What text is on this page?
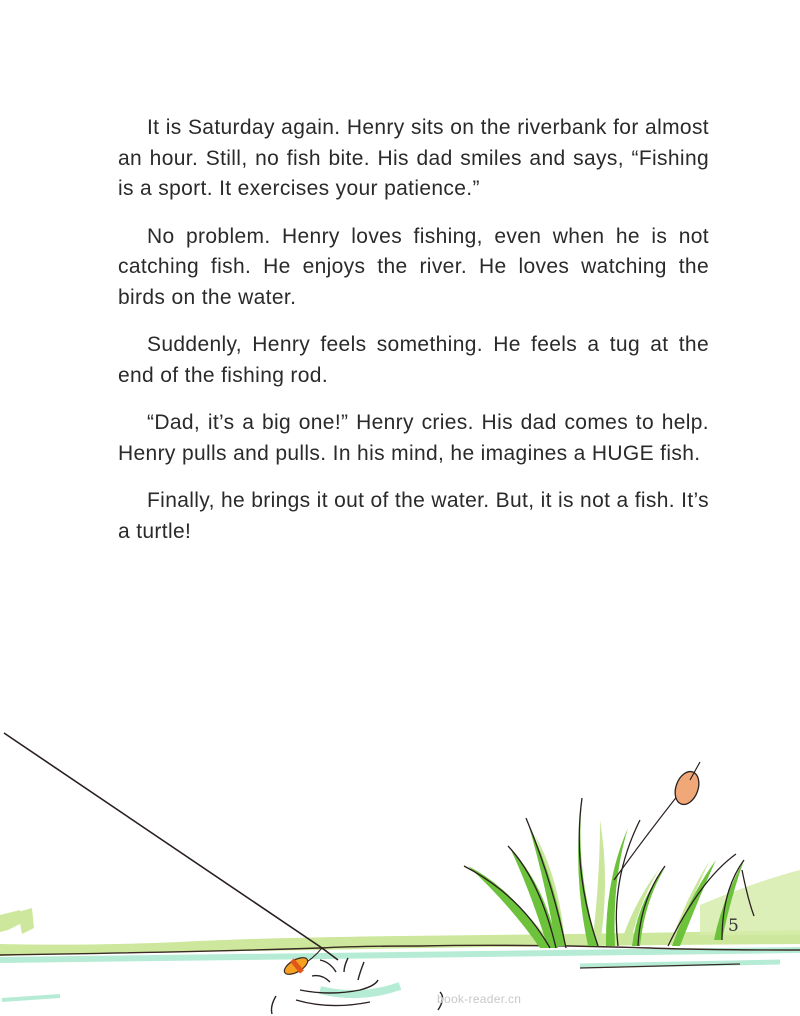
It is Saturday again. Henry sits on the riverbank for almost an hour. Still, no fish bite. His dad smiles and says, “Fishing is a sport. It exercises your patience.”

No problem. Henry loves fishing, even when he is not catching fish. He enjoys the river. He loves watching the birds on the water.

Suddenly, Henry feels something. He feels a tug at the end of the fishing rod.

“Dad, it’s a big one!” Henry cries. His dad comes to help. Henry pulls and pulls. In his mind, he imagines a HUGE fish.

Finally, he brings it out of the water. But, it is not a fish. It’s a turtle!

5
book-reader.cn
